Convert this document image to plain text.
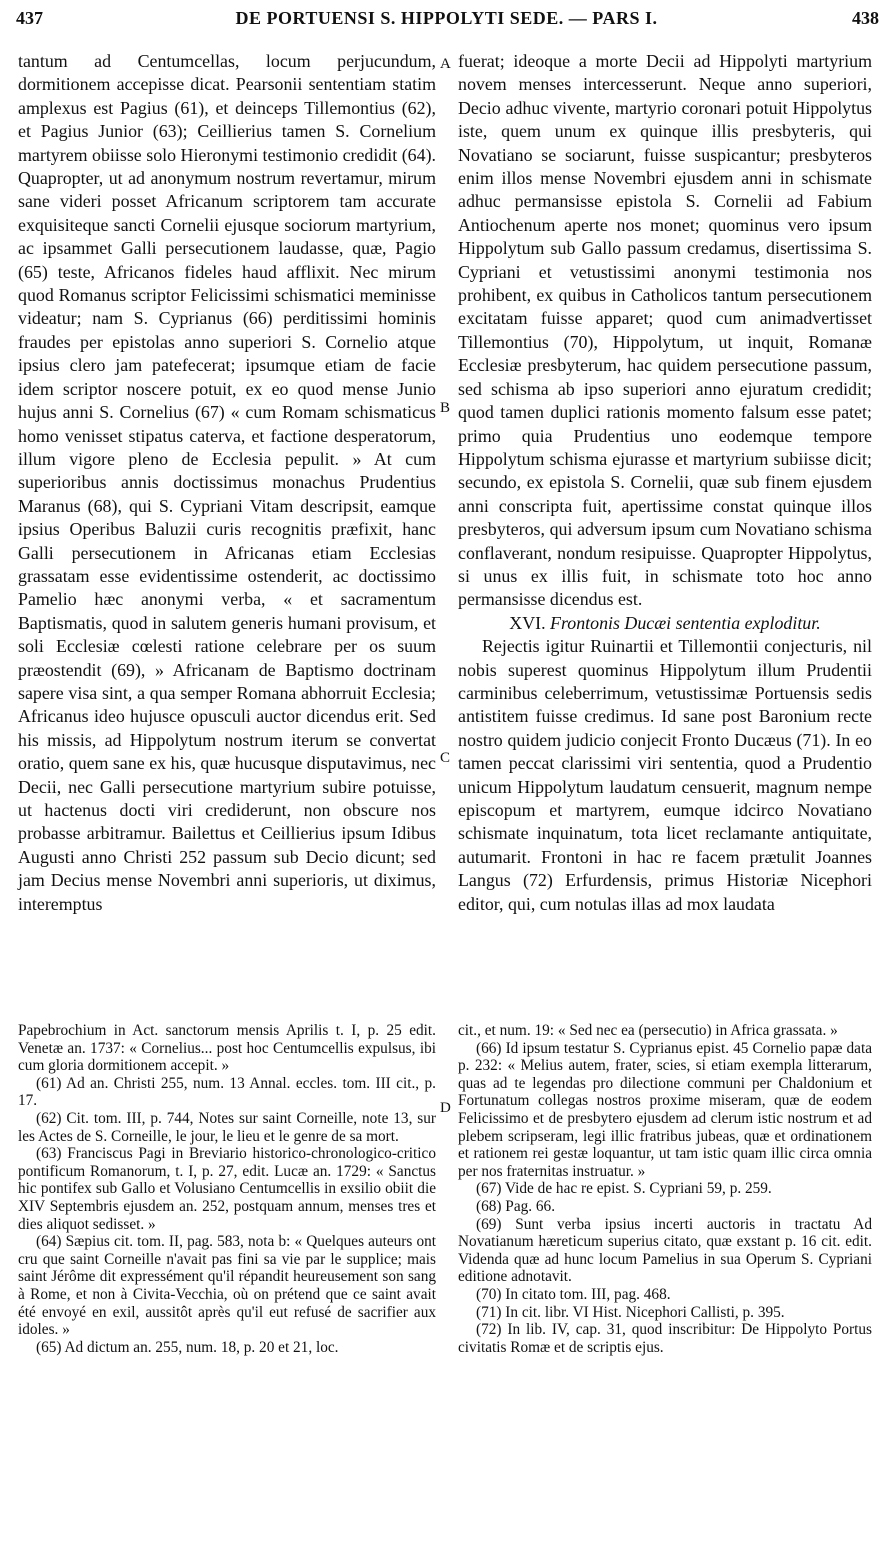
437	DE PORTUENSI S. HIPPOLYTI SEDE. — PARS I.	438

tantum ad Centumcellas, locum perjucundum, dormitionem accepisse dicat. Pearsonii sententiam statim amplexus est Pagius (61), et deinceps Tillemontius (62), et Pagius Junior (63); Ceillierius tamen S. Cornelium martyrem obiisse solo Hieronymi testimonio credidit (64). Quapropter, ut ad anonymum nostrum revertamur, mirum sane videri posset Africanum scriptorem tam accurate exquisiteque sancti Cornelii ejusque sociorum martyrium, ac ipsammet Galli persecutionem laudasse, quæ, Pagio (65) teste, Africanos fideles haud afflixit. Nec mirum quod Romanus scriptor Felicissimi schismatici meminisse videatur; nam S. Cyprianus (66) perditissimi hominis fraudes per epistolas anno superiori S. Cornelio atque ipsius clero jam patefecerat; ipsumque etiam de facie idem scriptor noscere potuit, ex eo quod mense Junio hujus anni S. Cornelius (67) « cum Romam schismaticus homo venisset stipatus caterva, et factione desperatorum, illum vigore pleno de Ecclesia pepulit. » At cum superioribus annis doctissimus monachus Prudentius Maranus (68), qui S. Cypriani Vitam descripsit, eamque ipsius Operibus Baluzii curis recognitis præfixit, hanc Galli persecutionem in Africanas etiam Ecclesias grassatam esse evidentissime ostenderit, ac doctissimo Pamelio hæc anonymi verba, « et sacramentum Baptismatis, quod in salutem generis humani provisum, et soli Ecclesiæ cœlesti ratione celebrare per os suum præostendit (69), » Africanam de Baptismo doctrinam sapere visa sint, a qua semper Romana abhorruit Ecclesia; Africanus ideo hujusce opusculi auctor dicendus erit. Sed his missis, ad Hippolytum nostrum iterum se convertat oratio, quem sane ex his, quæ hucusque disputavimus, nec Decii, nec Galli persecutione martyrium subire potuisse, ut hactenus docti viri crediderunt, non obscure nos probasse arbitramur. Bailettus et Ceillierius ipsum Idibus Augusti anno Christi 252 passum sub Decio dicunt; sed jam Decius mense Novembri anni superioris, ut diximus, interemptus

fuerat; ideoque a morte Decii ad Hippolyti martyrium novem menses intercesserunt. Neque anno superiori, Decio adhuc vivente, martyrio coronari potuit Hippolytus iste, quem unum ex quinque illis presbyteris, qui Novatiano se sociarunt, fuisse suspicantur; presbyteros enim illos mense Novembri ejusdem anni in schismate adhuc permansisse epistola S. Cornelii ad Fabium Antiochenum aperte nos monet; quominus vero ipsum Hippolytum sub Gallo passum credamus, disertissima S. Cypriani et vetustissimi anonymi testimonia nos prohibent, ex quibus in Catholicos tantum persecutionem excitatam fuisse apparet; quod cum animadvertisset Tillemontius (70), Hippolytum, ut inquit, Romanæ Ecclesiæ presbyterum, hac quidem persecutione passum, sed schisma ab ipso superiori anno ejuratum credidit; quod tamen duplici rationis momento falsum esse patet; primo quia Prudentius uno eodemque tempore Hippolytum schisma ejurasse et martyrium subiisse dicit; secundo, ex epistola S. Cornelii, quæ sub finem ejusdem anni conscripta fuit, apertissime constat quinque illos presbyteros, qui adversum ipsum cum Novatiano schisma conflaverant, nondum resipuisse. Quapropter Hippolytus, si unus ex illis fuit, in schismate toto hoc anno permansisse dicendus est.

XVI. Frontonis Ducæi sententia exploditur.

Rejectis igitur Ruinartii et Tillemontii conjecturis, nil nobis superest quominus Hippolytum illum Prudentii carminibus celeberrimum, vetustissimæ Portuensis sedis antistitem fuisse credimus. Id sane post Baronium recte nostro quidem judicio conjecit Fronto Ducæus (71). In eo tamen peccat clarissimi viri sententia, quod a Prudentio unicum Hippolytum laudatum censuerit, magnum nempe episcopum et martyrem, eumque idcirco Novatiano schismate inquinatum, tota licet reclamante antiquitate, autumarit. Frontoni in hac re facem prætulit Joannes Langus (72) Erfurdensis, primus Historiæ Nicephori editor, qui, cum notulas illas ad mox laudata

A
B
C
D

Papebrochium in Act. sanctorum mensis Aprilis t. I, p. 25 edit. Venetæ an. 1737: « Cornelius... post hoc Centumcellis expulsus, ibi cum gloria dormitionem accepit. »

(61) Ad an. Christi 255, num. 13 Annal. eccles. tom. III cit., p. 17.

(62) Cit. tom. III, p. 744, Notes sur saint Corneille, note 13, sur les Actes de S. Corneille, le jour, le lieu et le genre de sa mort.

(63) Franciscus Pagi in Breviario historico-chronologico-critico pontificum Romanorum, t. I, p. 27, edit. Lucæ an. 1729: « Sanctus hic pontifex sub Gallo et Volusiano Centumcellis in exsilio obiit die XIV Septembris ejusdem an. 252, postquam annum, menses tres et dies aliquot sedisset. »

(64) Sæpius cit. tom. II, pag. 583, nota b: « Quelques auteurs ont cru que saint Corneille n'avait pas fini sa vie par le supplice; mais saint Jérôme dit expressément qu'il répandit heureusement son sang à Rome, et non à Civita-Vecchia, où on prétend que ce saint avait été envoyé en exil, aussitôt après qu'il eut refusé de sacrifier aux idoles. »

(65) Ad dictum an. 255, num. 18, p. 20 et 21, loc.

cit., et num. 19: « Sed nec ea (persecutio) in Africa grassata. »

(66) Id ipsum testatur S. Cyprianus epist. 45 Cornelio papæ data p. 232: « Melius autem, frater, scies, si etiam exempla litterarum, quas ad te legendas pro dilectione communi per Chaldonium et Fortunatum collegas nostros proxime miseram, quæ de eodem Felicissimo et de presbytero ejusdem ad clerum istic nostrum et ad plebem scripseram, legi illic fratribus jubeas, quæ et ordinationem et rationem rei gestæ loquantur, ut tam istic quam illic circa omnia per nos fraternitas instruatur. »

(67) Vide de hac re epist. S. Cypriani 59, p. 259.

(68) Pag. 66.

(69) Sunt verba ipsius incerti auctoris in tractatu Ad Novatianum hæreticum superius citato, quæ exstant p. 16 cit. edit. Videnda quæ ad hunc locum Pamelius in sua Operum S. Cypriani editione adnotavit.

(70) In citato tom. III, pag. 468.

(71) In cit. libr. VI Hist. Nicephori Callisti, p. 395.

(72) In lib. IV, cap. 31, quod inscribitur: De Hippolyto Portus civitatis Romæ et de scriptis ejus.
